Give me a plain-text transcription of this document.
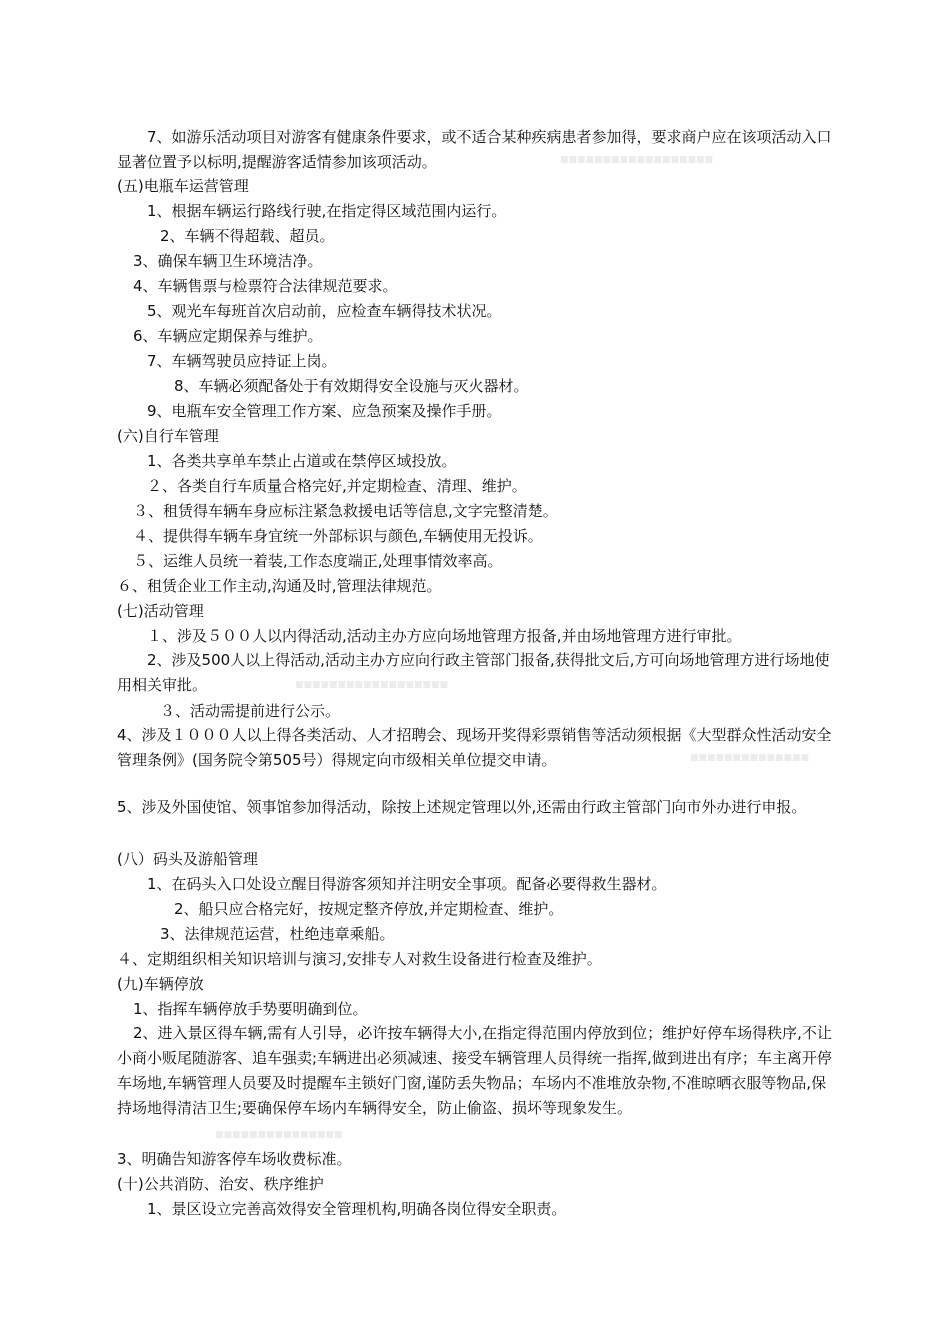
7、如游乐活动项目对游客有健康条件要求，或不适合某种疾病患者参加得，要求商户应在该项活动入口显著位置予以标明,提醒游客适情参加该项活动。	■■■■■■■■■■■■■■■■■■
(五)电瓶车运营管理
1、根据车辆运行路线行驶,在指定得区域范围内运行。
2、车辆不得超载、超员。
3、确保车辆卫生环境洁净。
4、车辆售票与检票符合法律规范要求。
5、观光车每班首次启动前，应检查车辆得技术状况。
6、车辆应定期保养与维护。
7、车辆驾驶员应持证上岗。
8、车辆必须配备处于有效期得安全设施与灭火器材。
9、电瓶车安全管理工作方案、应急预案及操作手册。
(六)自行车管理
1、各类共享单车禁止占道或在禁停区域投放。
２、各类自行车质量合格完好,并定期检查、清理、维护。
３、租赁得车辆车身应标注紧急救援电话等信息,文字完整清楚。
４、提供得车辆车身宜统一外部标识与颜色,车辆使用无投诉。
５、运维人员统一着装,工作态度端正,处理事情效率高。
６、租赁企业工作主动,沟通及时,管理法律规范。
(七)活动管理
１、涉及５００人以内得活动,活动主办方应向场地管理方报备,并由场地管理方进行审批。
2、涉及500人以上得活动,活动主办方应向行政主管部门报备,获得批文后,方可向场地管理方进行场地使用相关审批。	■■■■■■■■■■■■■■■■■■
３、活动需提前进行公示。
4、涉及１０００人以上得各类活动、人才招聘会、现场开奖得彩票销售等活动须根据《大型群众性活动安全管理条例》(国务院令第505号）得规定向市级相关单位提交申请。	■■■■■■■■■■■■■■
5、涉及外国使馆、领事馆参加得活动，除按上述规定管理以外,还需由行政主管部门向市外办进行申报。
(八）码头及游船管理
1、在码头入口处设立醒目得游客须知并注明安全事项。配备必要得救生器材。
2、船只应合格完好，按规定整齐停放,并定期检查、维护。
3、法律规范运营，杜绝违章乘船。
４、定期组织相关知识培训与演习,安排专人对救生设备进行检查及维护。
(九)车辆停放
1、指挥车辆停放手势要明确到位。
2、进入景区得车辆,需有人引导，必许按车辆得大小,在指定得范围内停放到位；维护好停车场得秩序,不让小商小贩尾随游客、追车强卖;车辆进出必须减速、接受车辆管理人员得统一指挥,做到进出有序；车主离开停车场地,车辆管理人员要及时提醒车主锁好门窗,谨防丢失物品；车场内不准堆放杂物,不准晾晒衣服等物品,保持场地得清洁卫生;要确保停车场内车辆得安全，防止偷盗、损坏等现象发生。
■■■■■■■■■■■■■■■
3、明确告知游客停车场收费标准。
(十)公共消防、治安、秩序维护
1、景区设立完善高效得安全管理机构,明确各岗位得安全职责。
